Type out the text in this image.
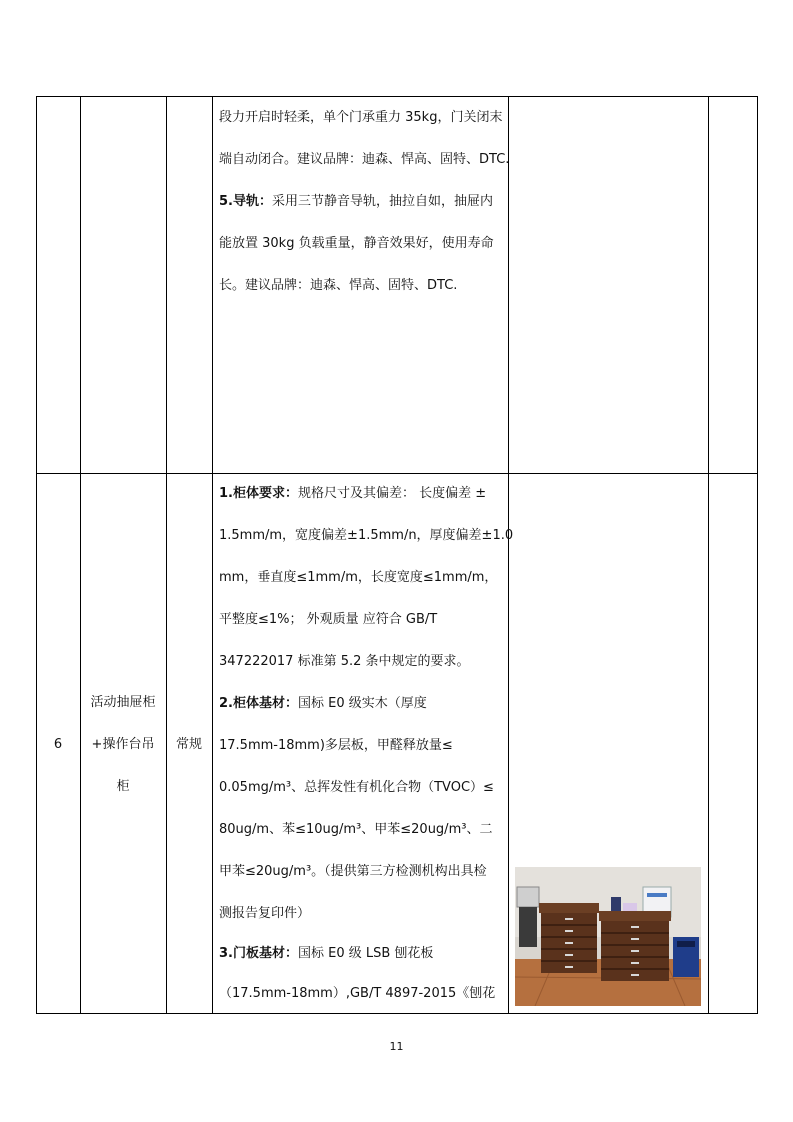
段力开启时轻柔，单个门承重力 35kg，门关闭末
端自动闭合。建议品牌：迪森、悍高、固特、DTC.
5.导轨：采用三节静音导轨，抽拉自如，抽屉内
能放置 30kg 负载重量，静音效果好，使用寿命
长。建议品牌：迪森、悍高、固特、DTC.
6
活动抽屉柜
+操作台吊
柜
常规
1.柜体要求：规格尺寸及其偏差： 长度偏差 ±
1.5mm/m，宽度偏差±1.5mm/n，厚度偏差±1.0
mm，垂直度≤1mm/m，长度宽度≤1mm/m，
平整度≤1%； 外观质量 应符合 GB/T
347222017 标准第 5.2 条中规定的要求。
2.柜体基材：国标 E0 级实木（厚度
17.5mm-18mm)多层板，甲醛释放量≤
0.05mg/m³、总挥发性有机化合物（TVOC）≤
80ug/m、苯≤10ug/m³、甲苯≤20ug/m³、二
甲苯≤20ug/m³。（提供第三方检测机构出具检
测报告复印件）
3.门板基材：国标 E0 级 LSB 刨花板
（17.5mm-18mm）,GB/T 4897-2015《刨花
11
